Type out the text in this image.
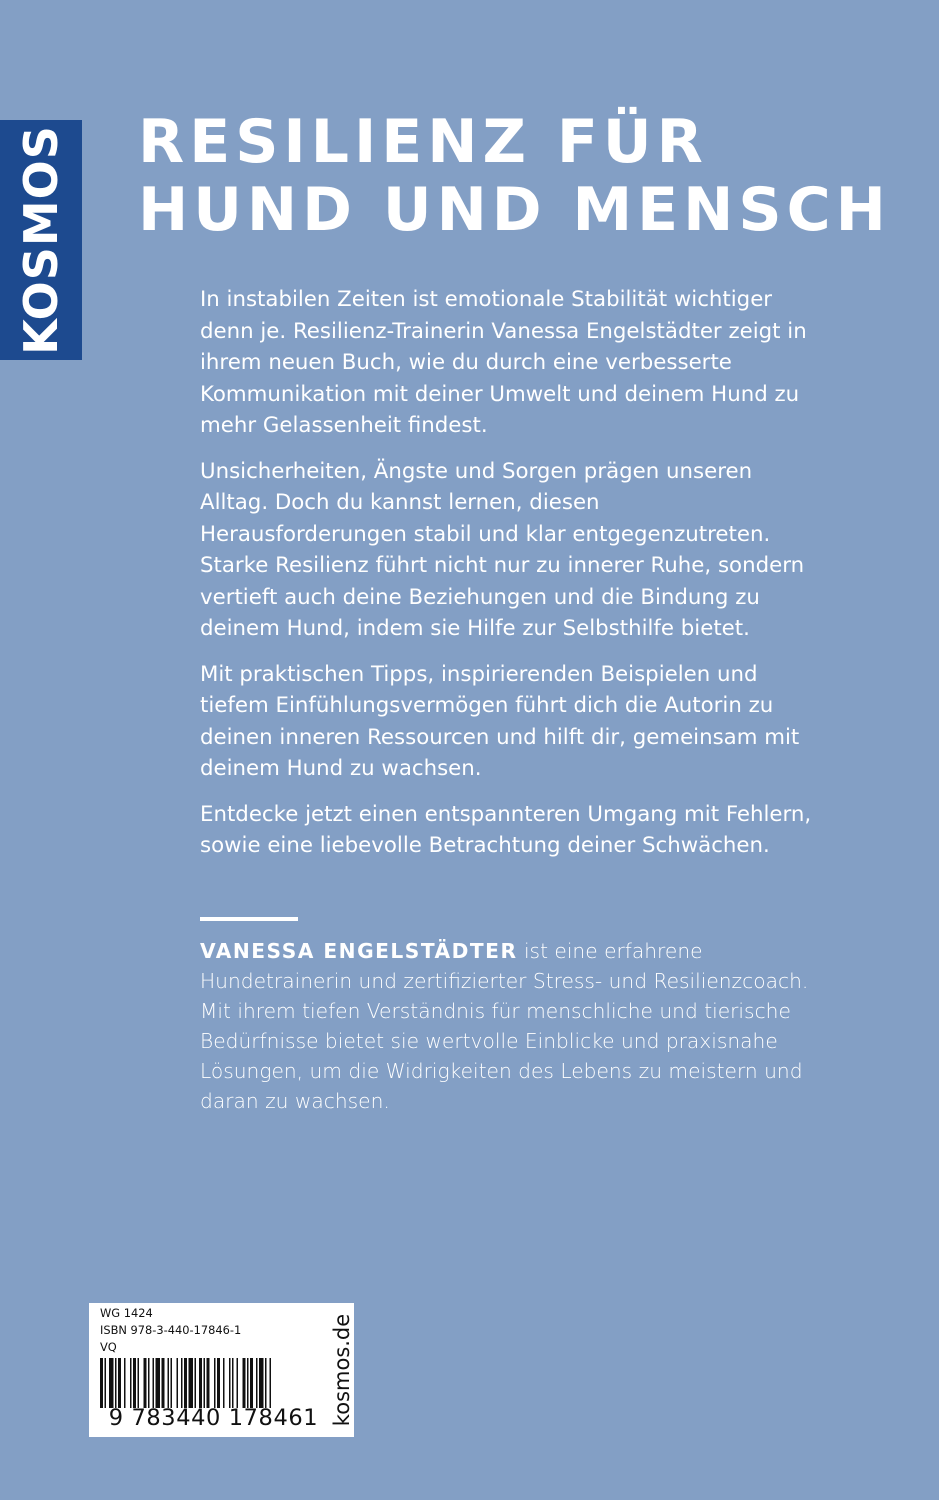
KOSMOS RESILIENZ FÜR
HUND UND MENSCH

In instabilen Zeiten ist emotionale Stabilität wichtiger denn je. Resilienz-Trainerin Vanessa Engelstädter zeigt in ihrem neuen Buch, wie du durch eine verbesserte Kommunikation mit deiner Umwelt und deinem Hund zu mehr Gelassenheit findest.

Unsicherheiten, Ängste und Sorgen prägen unseren Alltag. Doch du kannst lernen, diesen Herausforderungen stabil und klar entgegenzutreten. Starke Resilienz führt nicht nur zu innerer Ruhe, sondern vertieft auch deine Beziehungen und die Bindung zu deinem Hund, indem sie Hilfe zur Selbsthilfe bietet.

Mit praktischen Tipps, inspirierenden Beispielen und tiefem Einfühlungsvermögen führt dich die Autorin zu deinen inneren Ressourcen und hilft dir, gemeinsam mit deinem Hund zu wachsen.

Entdecke jetzt einen entspannteren Umgang mit Fehlern, sowie eine liebevolle Betrachtung deiner Schwächen.

VANESSA ENGELSTÄDTER ist eine erfahrene Hundetrainerin und zertifizierter Stress- und Resilienzcoach. Mit ihrem tiefen Verständnis für menschliche und tierische Bedürfnisse bietet sie wertvolle Einblicke und praxisnahe Lösungen, um die Widrigkeiten des Lebens zu meistern und daran zu wachsen.

WG 1424
ISBN 978-3-440-17846-1
VQ
9 783440 178461 kosmos.de
